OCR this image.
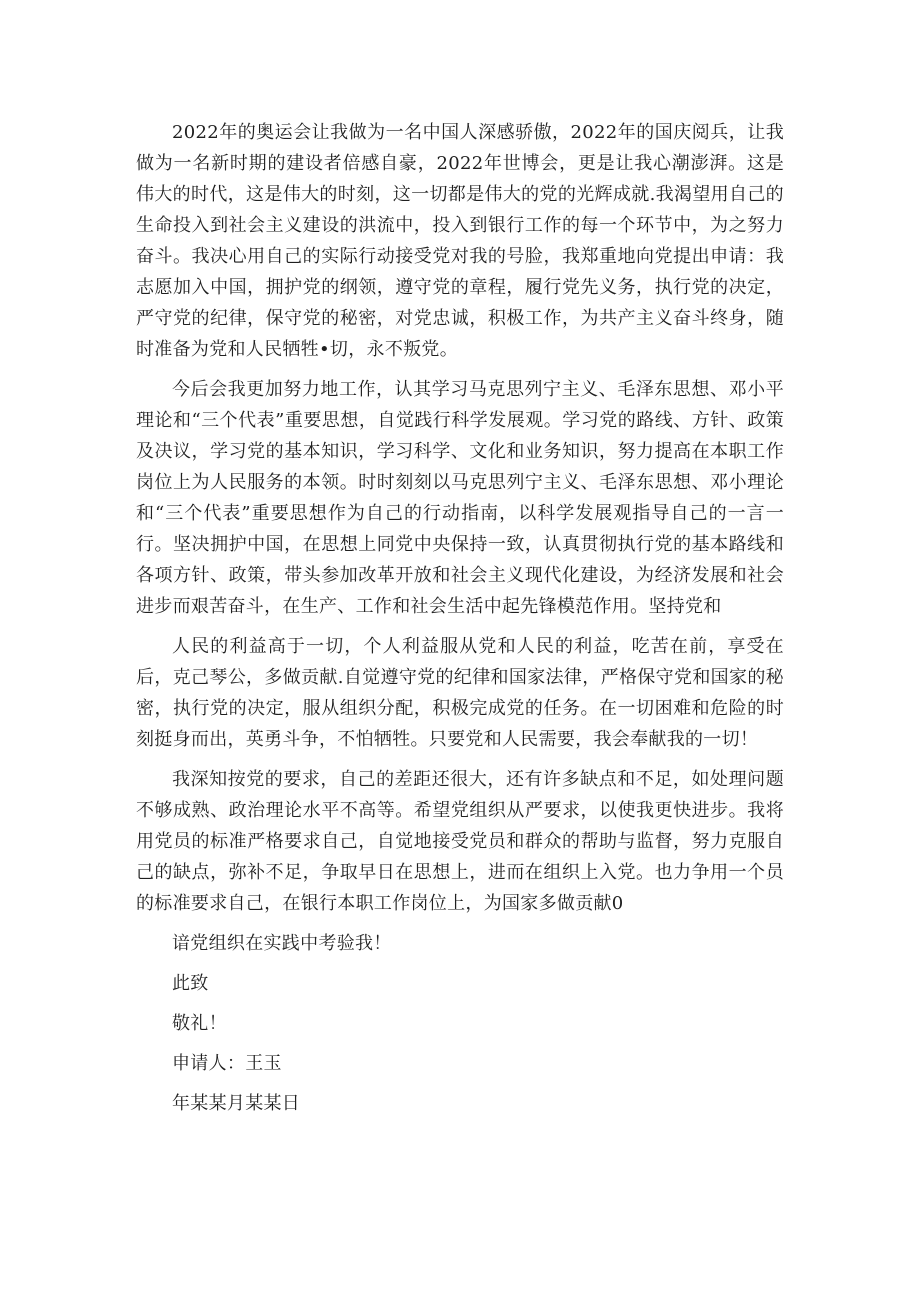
2022年的奥运会让我做为一名中国人深感骄傲，2022年的国庆阅兵，让我做为一名新时期的建设者倍感自豪，2022年世博会，更是让我心潮澎湃。这是伟大的时代，这是伟大的时刻，这一切都是伟大的党的光辉成就.我渴望用自己的生命投入到社会主义建设的洪流中，投入到银行工作的每一个环节中，为之努力奋斗。我决心用自己的实际行动接受党对我的号脸，我郑重地向党提出申请：我志愿加入中国，拥护党的纲领，遵守党的章程，履行党先义务，执行党的决定，严守党的纪律，保守党的秘密，对党忠诚，积极工作，为共产主义奋斗终身，随时准备为党和人民牺牲•切，永不叛党。

今后会我更加努力地工作，认其学习马克思列宁主义、毛泽东思想、邓小平理论和“三个代表”重要思想，自觉践行科学发展观。学习党的路线、方针、政策及决议，学习党的基本知识，学习科学、文化和业务知识，努力提高在本职工作岗位上为人民服务的本领。时时刻刻以马克思列宁主义、毛泽东思想、邓小理论和“三个代表”重要思想作为自己的行动指南，以科学发展观指导自己的一言一行。坚决拥护中国，在思想上同党中央保持一致，认真贯彻执行党的基本路线和各项方针、政策，带头参加改革开放和社会主义现代化建设，为经济发展和社会进步而艰苦奋斗，在生产、工作和社会生活中起先锋模范作用。坚持党和

人民的利益高于一切，个人利益服从党和人民的利益，吃苦在前，享受在后，克己琴公，多做贡献.自觉遵守党的纪律和国家法律，严格保守党和国家的秘密，执行党的决定，服从组织分配，积极完成党的任务。在一切困难和危险的时刻挺身而出，英勇斗争，不怕牺牲。只要党和人民需要，我会奉献我的一切！

我深知按党的要求，自己的差距还很大，还有许多缺点和不足，如处理问题不够成熟、政治理论水平不高等。希望党组织从严要求，以使我更快进步。我将用党员的标准严格要求自己，自觉地接受党员和群众的帮助与监督，努力克服自己的缺点，弥补不足，争取早日在思想上，进而在组织上入党。也力争用一个员的标准要求自己，在银行本职工作岗位上，为国家多做贡献0

谙党组织在实践中考验我！

此致

敬礼！

申请人：王玉

年某某月某某日
